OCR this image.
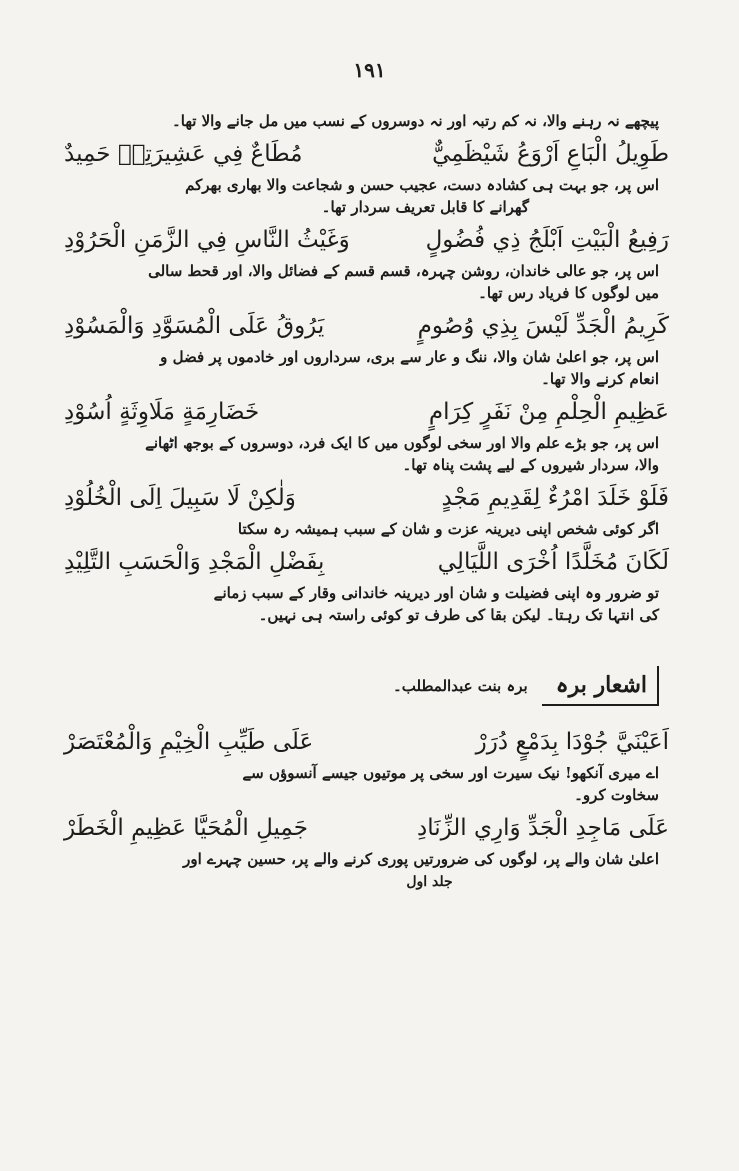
۱۹۱

پیچھے نہ رہنے والا، نہ کم رتبہ اور نہ دوسروں کے نسب میں مل جانے والا تھا۔

طَوِيلُ الْبَاعِ اَرْوَعُ شَيْظَمِيٌّ
مُطَاعٌ فِي عَشِيرَتِهٖ حَمِيدٌ

اس پر، جو بہت ہی کشادہ دست، عجیب حسن و شجاعت والا بھاری بھرکم

گھرانے کا قابل تعریف سردار تھا۔

رَفِيعُ الْبَيْتِ اَبْلَجُ ذِي فُضُولٍ
وَغَيْثُ النَّاسِ فِي الزَّمَنِ الْحَرُوْدِ

اس پر، جو عالی خاندان، روشن چہرہ، قسم قسم کے فضائل والا، اور قحط سالی

میں لوگوں کا فریاد رس تھا۔

كَرِيمُ الْجَدِّ لَيْسَ بِذِي وُصُومٍ
يَرُوقُ عَلَى الْمُسَوَّدِ وَالْمَسُوْدِ

اس پر، جو اعلیٰ شان والا، ننگ و عار سے بری، سرداروں اور خادموں پر فضل و

انعام کرنے والا تھا۔

عَظِيمِ الْحِلْمِ مِنْ نَفَرٍ كِرَامٍ
خَضَارِمَةٍ مَلَاوِثَةٍ اُسُوْدِ

اس پر، جو بڑے علم والا اور سخی لوگوں میں کا ایک فرد، دوسروں کے بوجھ اٹھانے

والا، سردار شیروں کے لیے پشت پناہ تھا۔

فَلَوْ خَلَدَ امْرُءٌ لِقَدِيمِ مَجْدٍ
وَلٰكِنْ لَا سَبِيلَ اِلَى الْخُلُوْدِ

اگر کوئی شخص اپنی دیرینہ عزت و شان کے سبب ہمیشہ رہ سکتا

لَكَانَ مُخَلَّدًا اُخْرَى اللَّيَالِي
بِفَضْلِ الْمَجْدِ وَالْحَسَبِ التَّلِيْدِ

تو ضرور وہ اپنی فضیلت و شان اور دیرینہ خاندانی وقار کے سبب زمانے

کی انتہا تک رہتا۔ لیکن بقا کی طرف تو کوئی راستہ ہی نہیں۔

اشعار برہ
برہ بنت عبدالمطلب۔
اَعَيْنَيَّ جُوْدَا بِدَمْعٍ دُرَرْ
عَلَى طَيِّبِ الْخِيْمِ وَالْمُعْتَصَرْ

اے میری آنکھو! نیک سیرت اور سخی پر موتیوں جیسے آنسوؤں سے

سخاوت کرو۔

عَلَى مَاجِدِ الْجَدِّ وَارِي الزِّنَادِ
جَمِيلِ الْمُحَيَّا عَظِيمِ الْخَطَرْ

اعلیٰ شان والے پر، لوگوں کی ضرورتیں پوری کرنے والے پر، حسین چہرے اور

جلد اول
